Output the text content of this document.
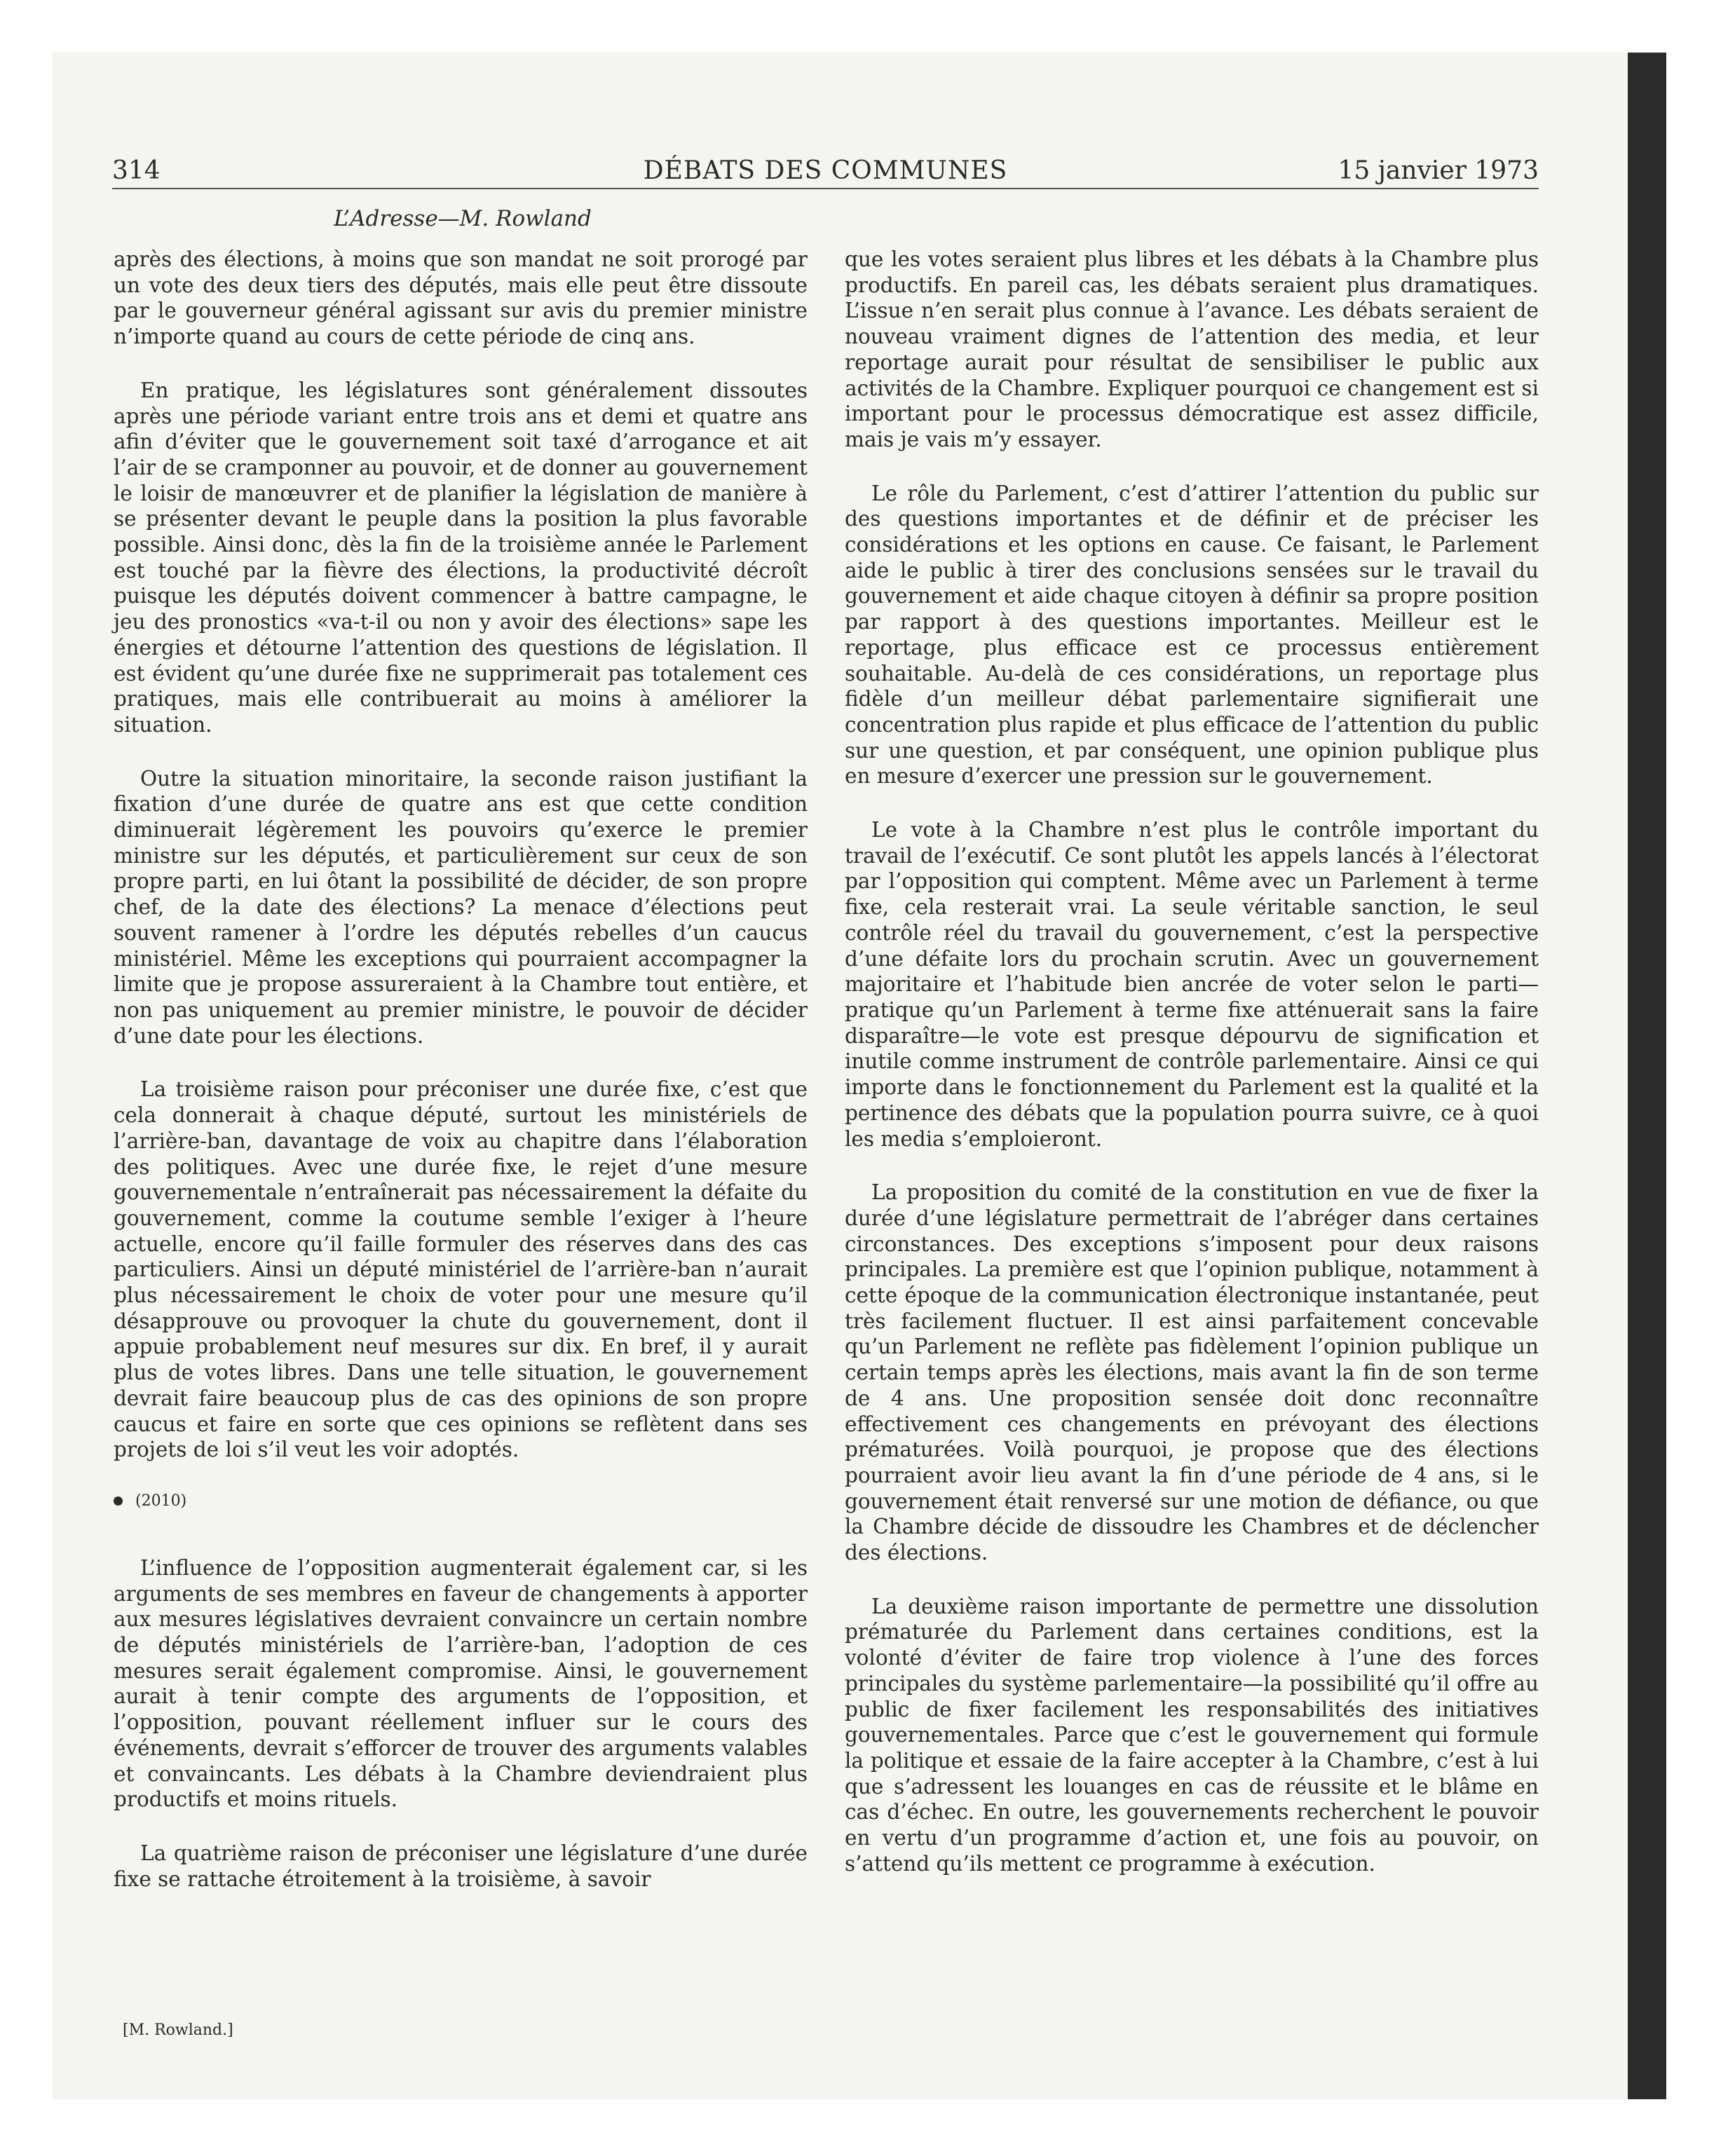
314	DÉBATS DES COMMUNES	15 janvier 1973
L’Adresse—M. Rowland

après des élections, à moins que son mandat ne soit prorogé par un vote des deux tiers des députés, mais elle peut être dissoute par le gouverneur général agissant sur avis du premier ministre n’importe quand au cours de cette période de cinq ans.

En pratique, les législatures sont généralement dissoutes après une période variant entre trois ans et demi et quatre ans afin d’éviter que le gouvernement soit taxé d’arrogance et ait l’air de se cramponner au pouvoir, et de donner au gouvernement le loisir de manœuvrer et de planifier la législation de manière à se présenter devant le peuple dans la position la plus favorable possible. Ainsi donc, dès la fin de la troisième année le Parlement est touché par la fièvre des élections, la productivité décroît puisque les députés doivent commencer à battre campagne, le jeu des pronostics «va-t-il ou non y avoir des élections» sape les énergies et détourne l’attention des questions de législation. Il est évident qu’une durée fixe ne supprimerait pas totalement ces pratiques, mais elle contribuerait au moins à améliorer la situation.

Outre la situation minoritaire, la seconde raison justifiant la fixation d’une durée de quatre ans est que cette condition diminuerait légèrement les pouvoirs qu’exerce le premier ministre sur les députés, et particulièrement sur ceux de son propre parti, en lui ôtant la possibilité de décider, de son propre chef, de la date des élections? La menace d’élections peut souvent ramener à l’ordre les députés rebelles d’un caucus ministériel. Même les exceptions qui pourraient accompagner la limite que je propose assureraient à la Chambre tout entière, et non pas uniquement au premier ministre, le pouvoir de décider d’une date pour les élections.

La troisième raison pour préconiser une durée fixe, c’est que cela donnerait à chaque député, surtout les ministériels de l’arrière-ban, davantage de voix au chapitre dans l’élaboration des politiques. Avec une durée fixe, le rejet d’une mesure gouvernementale n’entraînerait pas nécessairement la défaite du gouvernement, comme la coutume semble l’exiger à l’heure actuelle, encore qu’il faille formuler des réserves dans des cas particuliers. Ainsi un député ministériel de l’arrière-ban n’aurait plus nécessairement le choix de voter pour une mesure qu’il désapprouve ou provoquer la chute du gouvernement, dont il appuie probablement neuf mesures sur dix. En bref, il y aurait plus de votes libres. Dans une telle situation, le gouvernement devrait faire beaucoup plus de cas des opinions de son propre caucus et faire en sorte que ces opinions se reflètent dans ses projets de loi s’il veut les voir adoptés.

(2010)

L’influence de l’opposition augmenterait également car, si les arguments de ses membres en faveur de changements à apporter aux mesures législatives devraient convaincre un certain nombre de députés ministériels de l’arrière-ban, l’adoption de ces mesures serait également compromise. Ainsi, le gouvernement aurait à tenir compte des arguments de l’opposition, et l’opposition, pouvant réellement influer sur le cours des événements, devrait s’efforcer de trouver des arguments valables et convaincants. Les débats à la Chambre deviendraient plus productifs et moins rituels.

La quatrième raison de préconiser une législature d’une durée fixe se rattache étroitement à la troisième, à savoir

[M. Rowland.]

que les votes seraient plus libres et les débats à la Chambre plus productifs. En pareil cas, les débats seraient plus dramatiques. L’issue n’en serait plus connue à l’avance. Les débats seraient de nouveau vraiment dignes de l’attention des media, et leur reportage aurait pour résultat de sensibiliser le public aux activités de la Chambre. Expliquer pourquoi ce changement est si important pour le processus démocratique est assez difficile, mais je vais m’y essayer.

Le rôle du Parlement, c’est d’attirer l’attention du public sur des questions importantes et de définir et de préciser les considérations et les options en cause. Ce faisant, le Parlement aide le public à tirer des conclusions sensées sur le travail du gouvernement et aide chaque citoyen à définir sa propre position par rapport à des questions importantes. Meilleur est le reportage, plus efficace est ce processus entièrement souhaitable. Au-delà de ces considérations, un reportage plus fidèle d’un meilleur débat parlementaire signifierait une concentration plus rapide et plus efficace de l’attention du public sur une question, et par conséquent, une opinion publique plus en mesure d’exercer une pression sur le gouvernement.

Le vote à la Chambre n’est plus le contrôle important du travail de l’exécutif. Ce sont plutôt les appels lancés à l’électorat par l’opposition qui comptent. Même avec un Parlement à terme fixe, cela resterait vrai. La seule véritable sanction, le seul contrôle réel du travail du gouvernement, c’est la perspective d’une défaite lors du prochain scrutin. Avec un gouvernement majoritaire et l’habitude bien ancrée de voter selon le parti—pratique qu’un Parlement à terme fixe atténuerait sans la faire disparaître—le vote est presque dépourvu de signification et inutile comme instrument de contrôle parlementaire. Ainsi ce qui importe dans le fonctionnement du Parlement est la qualité et la pertinence des débats que la population pourra suivre, ce à quoi les media s’emploieront.

La proposition du comité de la constitution en vue de fixer la durée d’une législature permettrait de l’abréger dans certaines circonstances. Des exceptions s’imposent pour deux raisons principales. La première est que l’opinion publique, notamment à cette époque de la communication électronique instantanée, peut très facilement fluctuer. Il est ainsi parfaitement concevable qu’un Parlement ne reflète pas fidèlement l’opinion publique un certain temps après les élections, mais avant la fin de son terme de 4 ans. Une proposition sensée doit donc reconnaître effectivement ces changements en prévoyant des élections prématurées. Voilà pourquoi, je propose que des élections pourraient avoir lieu avant la fin d’une période de 4 ans, si le gouvernement était renversé sur une motion de défiance, ou que la Chambre décide de dissoudre les Chambres et de déclencher des élections.

La deuxième raison importante de permettre une dissolution prématurée du Parlement dans certaines conditions, est la volonté d’éviter de faire trop violence à l’une des forces principales du système parlementaire—la possibilité qu’il offre au public de fixer facilement les responsabilités des initiatives gouvernementales. Parce que c’est le gouvernement qui formule la politique et essaie de la faire accepter à la Chambre, c’est à lui que s’adressent les louanges en cas de réussite et le blâme en cas d’échec. En outre, les gouvernements recherchent le pouvoir en vertu d’un programme d’action et, une fois au pouvoir, on s’attend qu’ils mettent ce programme à exécution.
